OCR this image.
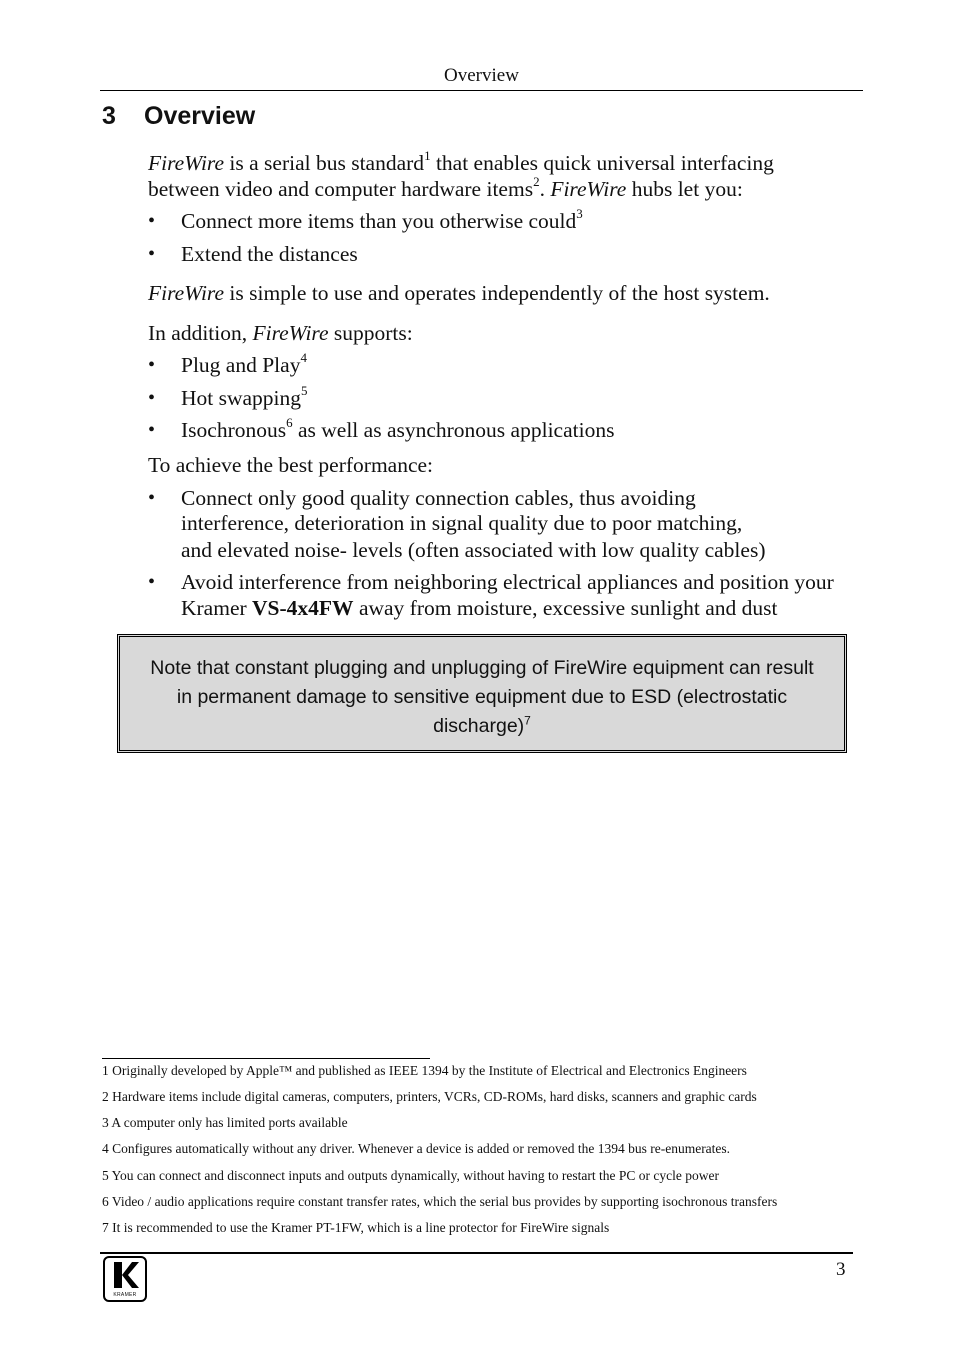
Overview
3 Overview
FireWire is a serial bus standard$^1$ that enables quick universal interfacing
between video and computer hardware items$^2$. FireWire hubs let you:
• Connect more items than you otherwise could$^3$
• Extend the distances
FireWire is simple to use and operates independently of the host system.
In addition, FireWire supports:
• Plug and Play$^4$
• Hot swapping$^5$
• Isochronous$^6$ as well as asynchronous applications
To achieve the best performance:
• Connect only good quality connection cables, thus avoiding
interference, deterioration in signal quality due to poor matching,
and elevated noise- levels (often associated with low quality cables)
• Avoid interference from neighboring electrical appliances and position your
Kramer VS-4x4FW away from moisture, excessive sunlight and dust
Note that constant plugging and unplugging of FireWire equipment can result
in permanent damage to sensitive equipment due to ESD (electrostatic
discharge)$^7$
1 Originally developed by Apple™ and published as IEEE 1394 by the Institute of Electrical and Electronics Engineers
2 Hardware items include digital cameras, computers, printers, VCRs, CD-ROMs, hard disks, scanners and graphic cards
3 A computer only has limited ports available
4 Configures automatically without any driver. Whenever a device is added or removed the 1394 bus re-enumerates.
5 You can connect and disconnect inputs and outputs dynamically, without having to restart the PC or cycle power
6 Video / audio applications require constant transfer rates, which the serial bus provides by supporting isochronous transfers
7 It is recommended to use the Kramer PT-1FW, which is a line protector for FireWire signals
KRAMER
3
